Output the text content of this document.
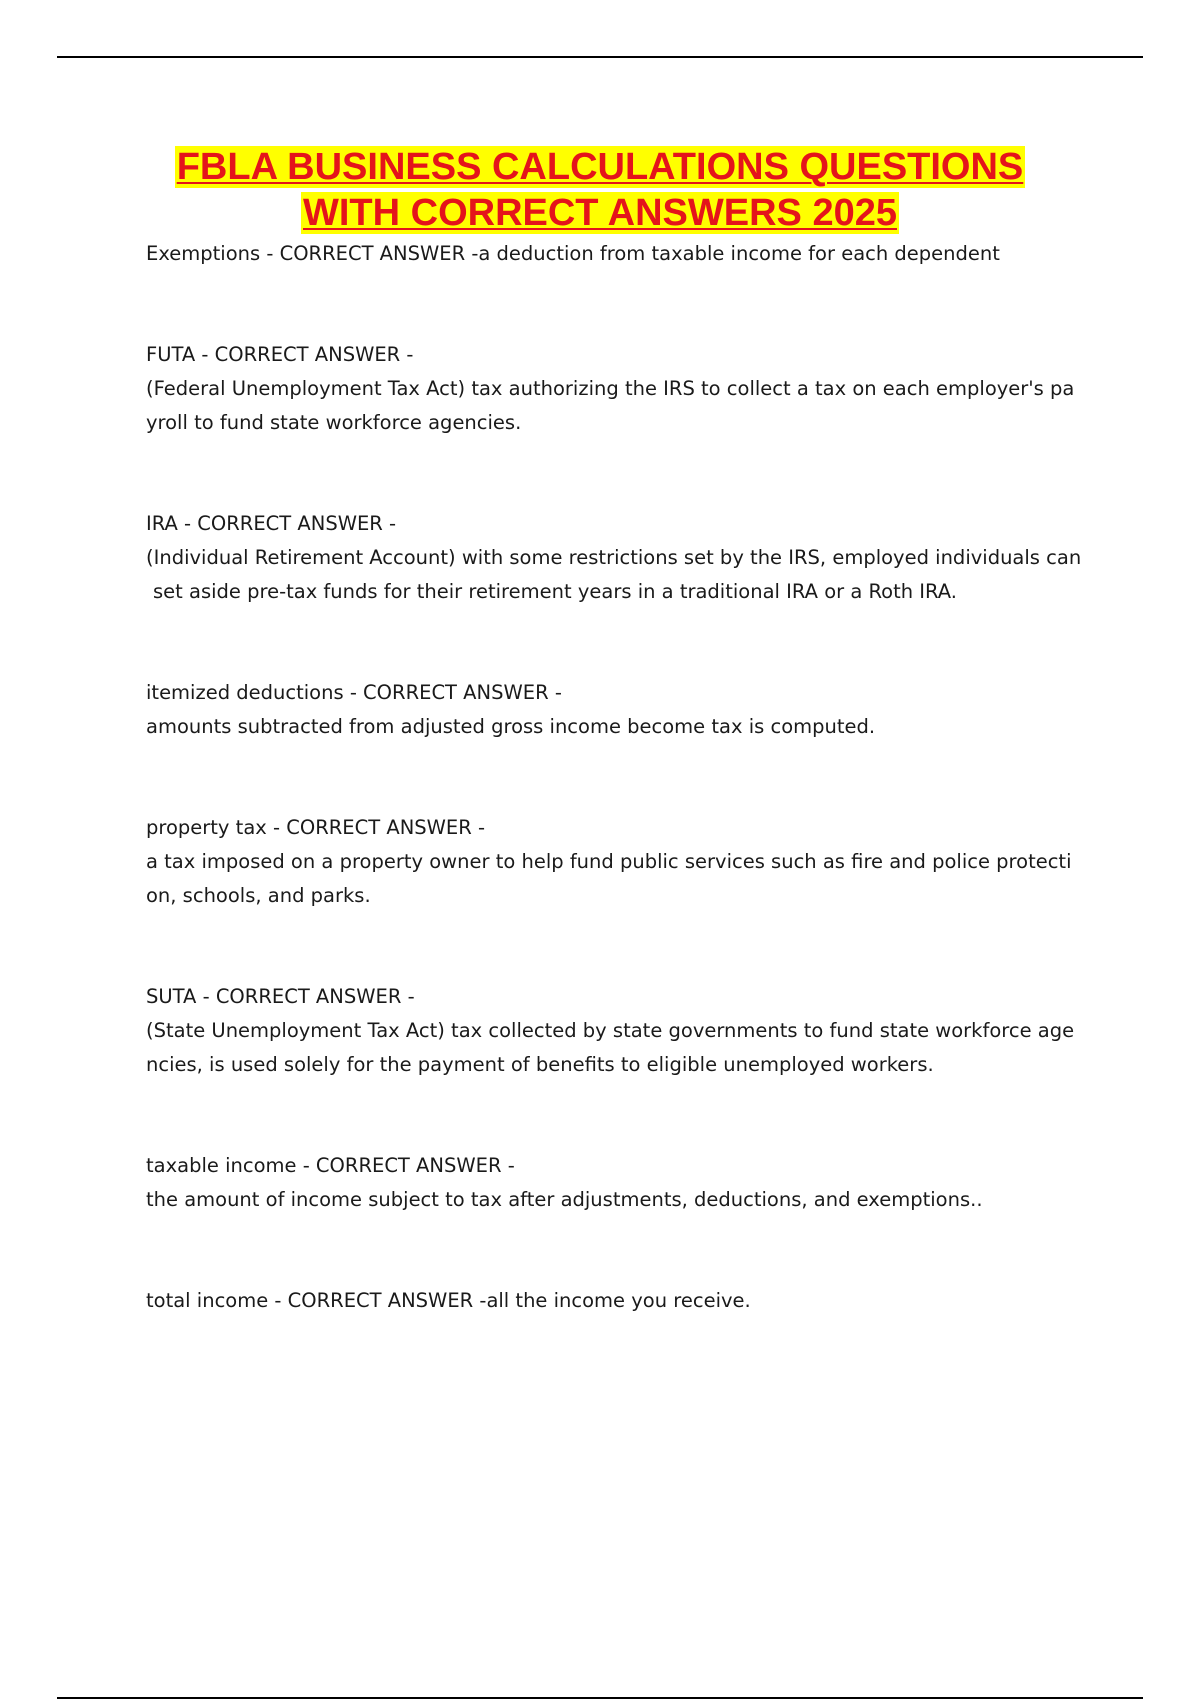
FBLA BUSINESS CALCULATIONS QUESTIONS
WITH CORRECT ANSWERS 2025

Exemptions - CORRECT ANSWER -a deduction from taxable income for each dependent

FUTA - CORRECT ANSWER -

(Federal Unemployment Tax Act) tax authorizing the IRS to collect a tax on each employer's pa

yroll to fund state workforce agencies.

IRA - CORRECT ANSWER -

(Individual Retirement Account) with some restrictions set by the IRS, employed individuals can

set aside pre-tax funds for their retirement years in a traditional IRA or a Roth IRA.

itemized deductions - CORRECT ANSWER -

amounts subtracted from adjusted gross income become tax is computed.

property tax - CORRECT ANSWER -

a tax imposed on a property owner to help fund public services such as fire and police protecti

on, schools, and parks.

SUTA - CORRECT ANSWER -

(State Unemployment Tax Act) tax collected by state governments to fund state workforce age

ncies, is used solely for the payment of benefits to eligible unemployed workers.

taxable income - CORRECT ANSWER -

the amount of income subject to tax after adjustments, deductions, and exemptions..

total income - CORRECT ANSWER -all the income you receive.
